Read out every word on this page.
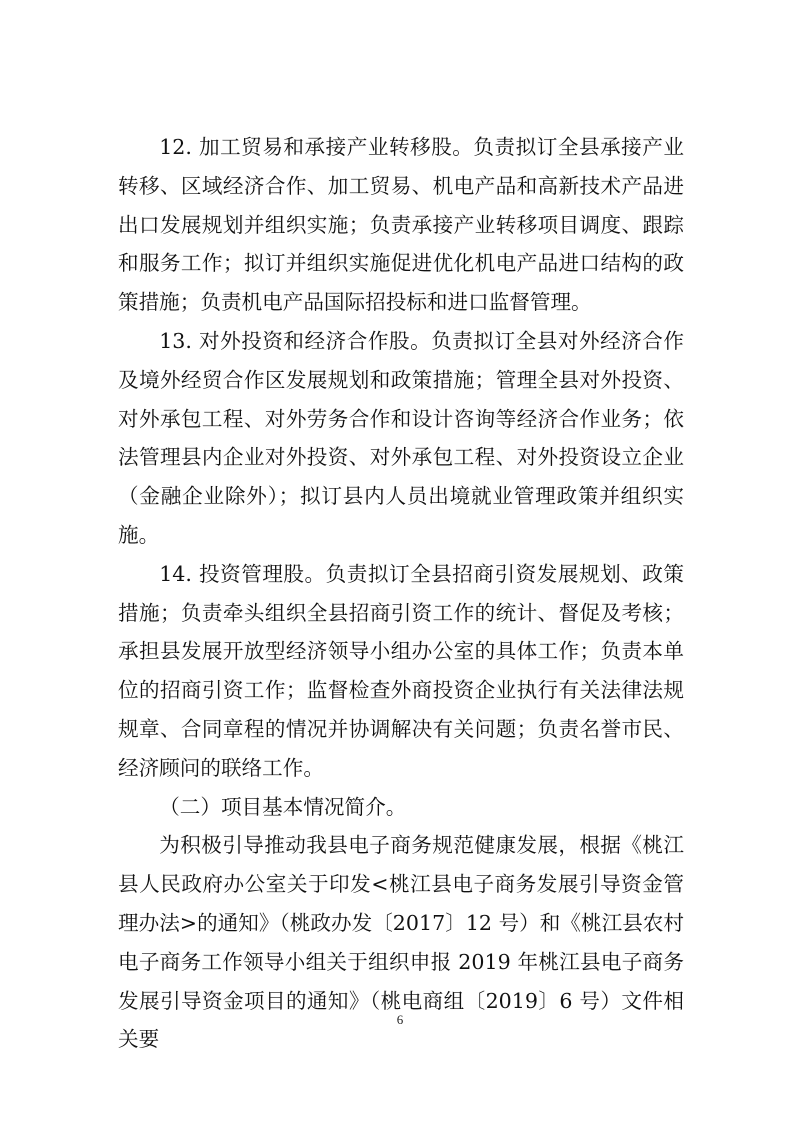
12. 加工贸易和承接产业转移股。负责拟订全县承接产业转移、区域经济合作、加工贸易、机电产品和高新技术产品进出口发展规划并组织实施；负责承接产业转移项目调度、跟踪和服务工作；拟订并组织实施促进优化机电产品进口结构的政策措施；负责机电产品国际招投标和进口监督管理。

13. 对外投资和经济合作股。负责拟订全县对外经济合作及境外经贸合作区发展规划和政策措施；管理全县对外投资、对外承包工程、对外劳务合作和设计咨询等经济合作业务；依法管理县内企业对外投资、对外承包工程、对外投资设立企业（金融企业除外）；拟订县内人员出境就业管理政策并组织实施。

14. 投资管理股。负责拟订全县招商引资发展规划、政策措施；负责牵头组织全县招商引资工作的统计、督促及考核；承担县发展开放型经济领导小组办公室的具体工作；负责本单位的招商引资工作；监督检查外商投资企业执行有关法律法规规章、合同章程的情况并协调解决有关问题；负责名誉市民、经济顾问的联络工作。

（二）项目基本情况简介。

为积极引导推动我县电子商务规范健康发展，根据《桃江县人民政府办公室关于印发<桃江县电子商务发展引导资金管理办法>的通知》（桃政办发〔2017〕12 号）和《桃江县农村电子商务工作领导小组关于组织申报 2019 年桃江县电子商务发展引导资金项目的通知》（桃电商组〔2019〕6 号）文件相关要

6
